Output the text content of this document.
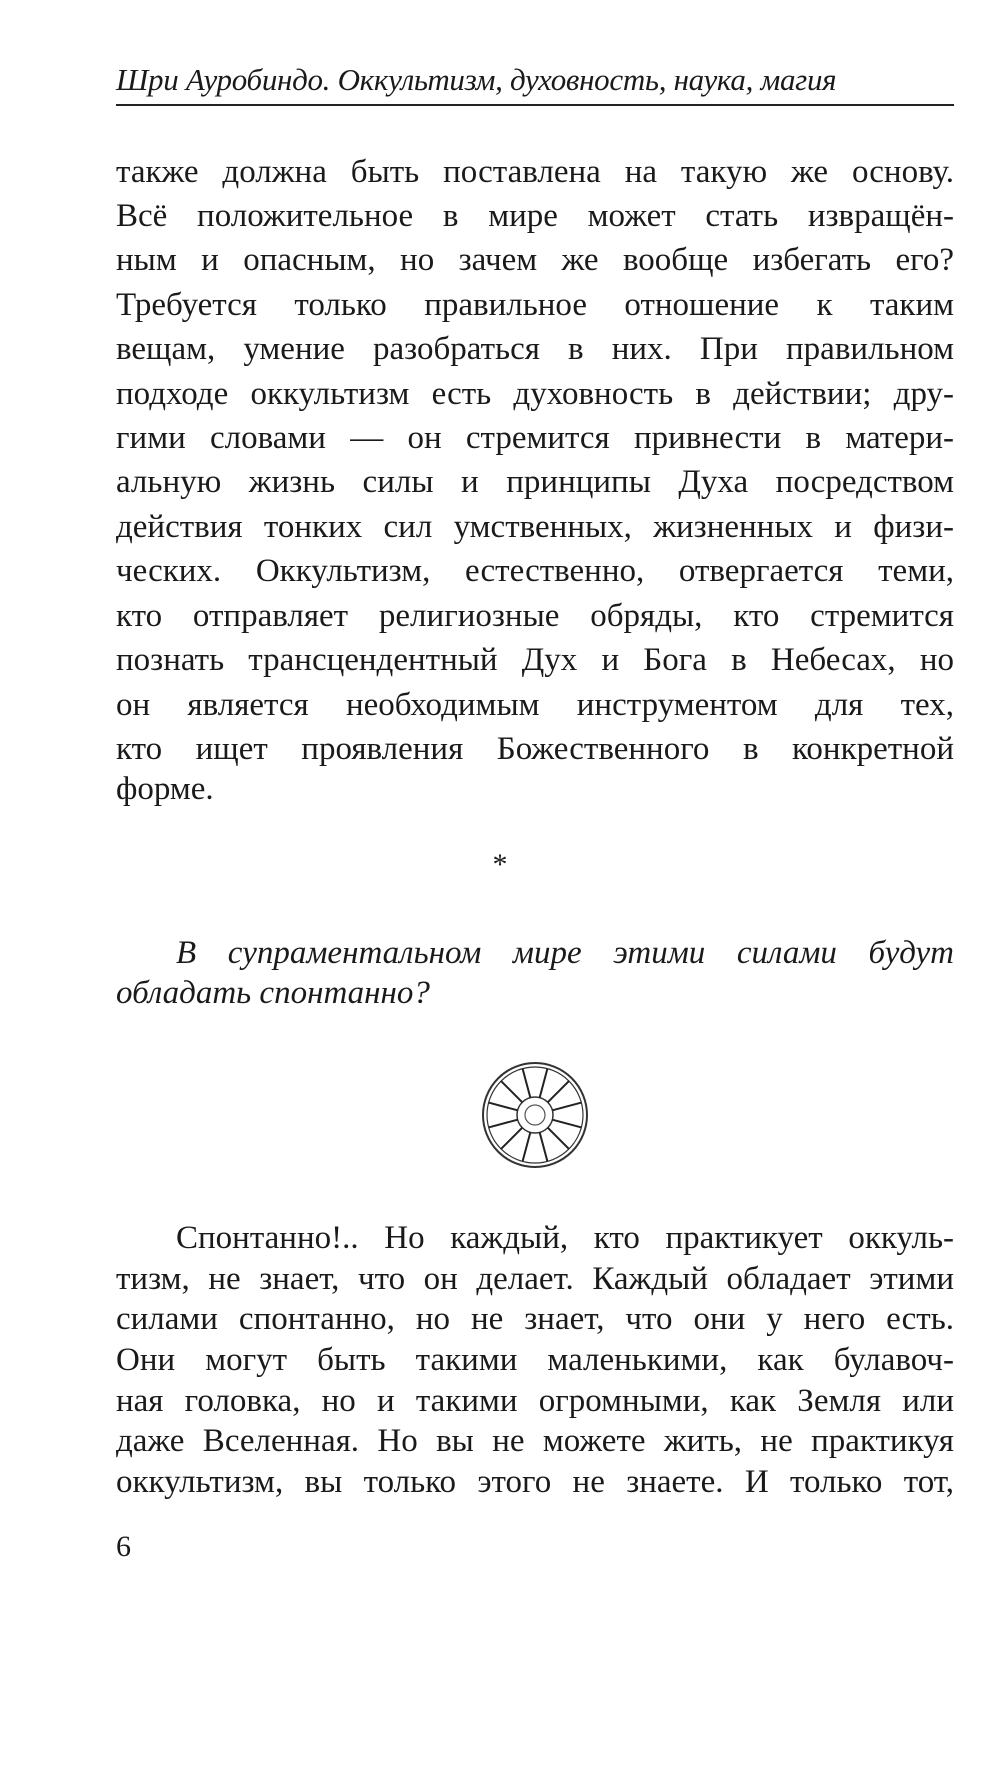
Шри Ауробиндо. Оккультизм, духовность, наука, магия
также должна быть поставлена на такую же основу.
Всё положительное в мире может стать извращён-
ным и опасным, но зачем же вообще избегать его?
Требуется только правильное отношение к таким
вещам, умение разобраться в них. При правильном
подходе оккультизм есть духовность в действии; дру-
гими словами — он стремится привнести в матери-
альную жизнь силы и принципы Духа посредством
действия тонких сил умственных, жизненных и физи-
ческих. Оккультизм, естественно, отвергается теми,
кто отправляет религиозные обряды, кто стремится
познать трансцендентный Дух и Бога в Небесах, но
он является необходимым инструментом для тех,
кто ищет проявления Божественного в конкретной
форме.
*
В супраментальном мире этими силами будут
обладать спонтанно?
Спонтанно!.. Но каждый, кто практикует оккуль-
тизм, не знает, что он делает. Каждый обладает этими
силами спонтанно, но не знает, что они у него есть.
Они могут быть такими маленькими, как булавоч-
ная головка, но и такими огромными, как Земля или
даже Вселенная. Но вы не можете жить, не практикуя
оккультизм, вы только этого не знаете. И только тот,
6
